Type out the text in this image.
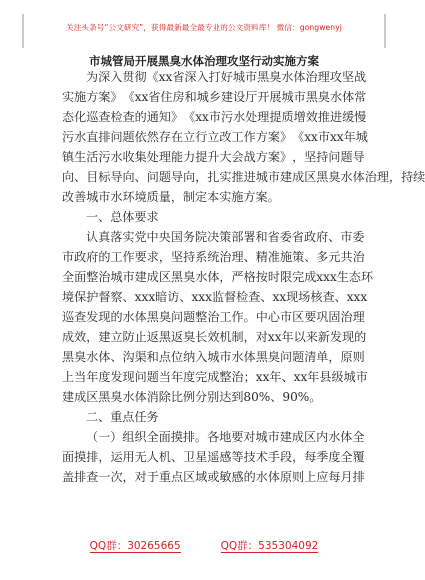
关注头条号“公文研究”，获得最新最全最专业的公文资料库！ 微信：gongwenyj
市城管局开展黑臭水体治理攻坚行动实施方案
为 深 入 贯 彻 《 x x 省 深 入 打 好 城 市 黑 臭 水 体 治 理 攻 坚 战
实 施 方 案 》 《 x x 省 住 房 和 城 乡 建 设 厅 开 展 城 市 黑 臭 水 体 常
态 化 巡 查 检 查 的 通 知 》 《 x x 市 污 水 处 理 提 质 增 效 推 进 缓 慢
污 水 直 排 问 题 依 然 存 在 立 行 立 改 工 作 方 案 》 《 x x 市 x x 年 城
镇 生 活 污 水 收 集 处 理 能 力 提 升 大 会 战 方 案 》 ， 坚 持 问 题 导
向 、 目 标 导 向 、 问 题 导 向 ， 扎 实 推 进 城 市 建 成 区 黑 臭 水 体 治 理 ， 持 续
改善城市水环境质量，制定本实施方案。
一、总体要求
认 真 落 实 党 中 央 国 务 院 决 策 部 署 和 省 委 省 政 府 、 市 委
市 政 府 的 工 作 要 求 ， 坚 持 系 统 治 理 、 精 准 施 策 、 多 元 共 治
全 面 整 治 城 市 建 成 区 黑 臭 水 体 ， 严 格 按 时 限 完 成 x x x 生 态 环
境 保 护 督 察 、 x x x 暗 访 、 x x x 监 督 检 查 、 x x 现 场 核 查 、 x x x
巡 查 发 现 的 水 体 黑 臭 问 题 整 治 工 作 。 中 心 市 区 要 巩 固 治 理
成 效 ， 建 立 防 止 返 黑 返 臭 长 效 机 制 ， 对 x x 年 以 来 新 发 现 的
黑 臭 水 体 、 沟 渠 和 点 位 纳 入 城 市 水 体 黑 臭 问 题 清 单 ， 原 则
上 当 年 度 发 现 问 题 当 年 度 完 成 整 治 ； x x 年 、 x x 年 县 级 城 市
建成区黑臭水体消除比例分别达到80%、90%。
二、重点任务
（ 一 ） 组 织 全 面 摸 排 。 各 地 要 对 城 市 建 成 区 内 水 体 全
面 摸 排 ， 运 用 无 人 机 、 卫 星 遥 感 等 技 术 手 段 ， 每 季 度 全 覆
盖 排 查 一 次 ， 对 于 重 点 区 域 或 敏 感 的 水 体 原 则 上 应 每 月 排
QQ群：30265665	QQ群：535304092
